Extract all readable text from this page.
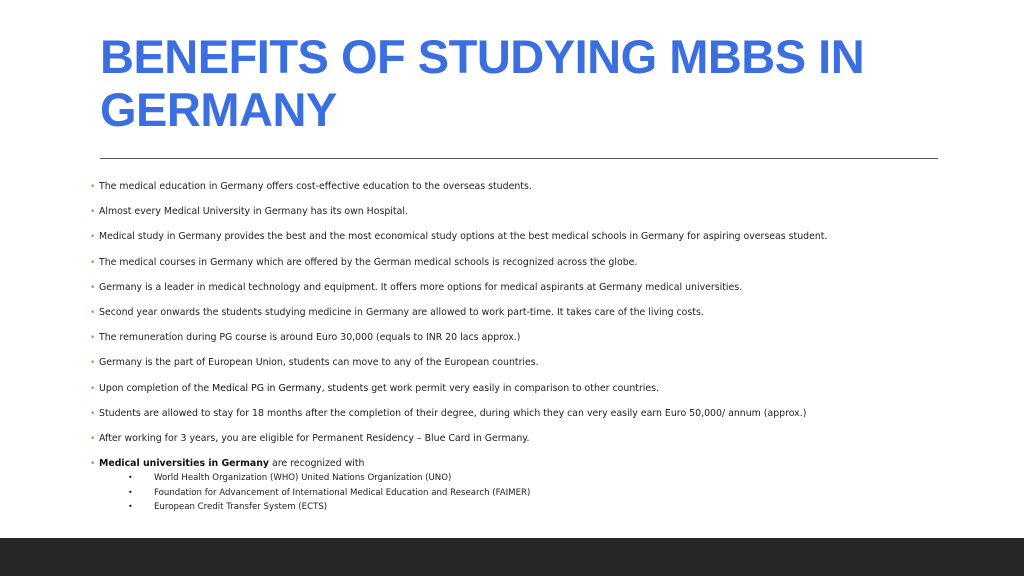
BENEFITS OF STUDYING MBBS IN GERMANY
• The medical education in Germany offers cost-effective education to the overseas students.
• Almost every Medical University in Germany has its own Hospital.
• Medical study in Germany provides the best and the most economical study options at the best medical schools in Germany for aspiring overseas student.
• The medical courses in Germany which are offered by the German medical schools is recognized across the globe.
• Germany is a leader in medical technology and equipment. It offers more options for medical aspirants at Germany medical universities.
• Second year onwards the students studying medicine in Germany are allowed to work part-time. It takes care of the living costs.
• The remuneration during PG course is around Euro 30,000 (equals to INR 20 lacs approx.)
• Germany is the part of European Union, students can move to any of the European countries.
• Upon completion of the Medical PG in Germany, students get work permit very easily in comparison to other countries.
• Students are allowed to stay for 18 months after the completion of their degree, during which they can very easily earn Euro 50,000/ annum (approx.)
• After working for 3 years, you are eligible for Permanent Residency – Blue Card in Germany.
• Medical universities in Germany are recognized with
• World Health Organization (WHO) United Nations Organization (UNO)
• Foundation for Advancement of International Medical Education and Research (FAIMER)
• European Credit Transfer System (ECTS)
